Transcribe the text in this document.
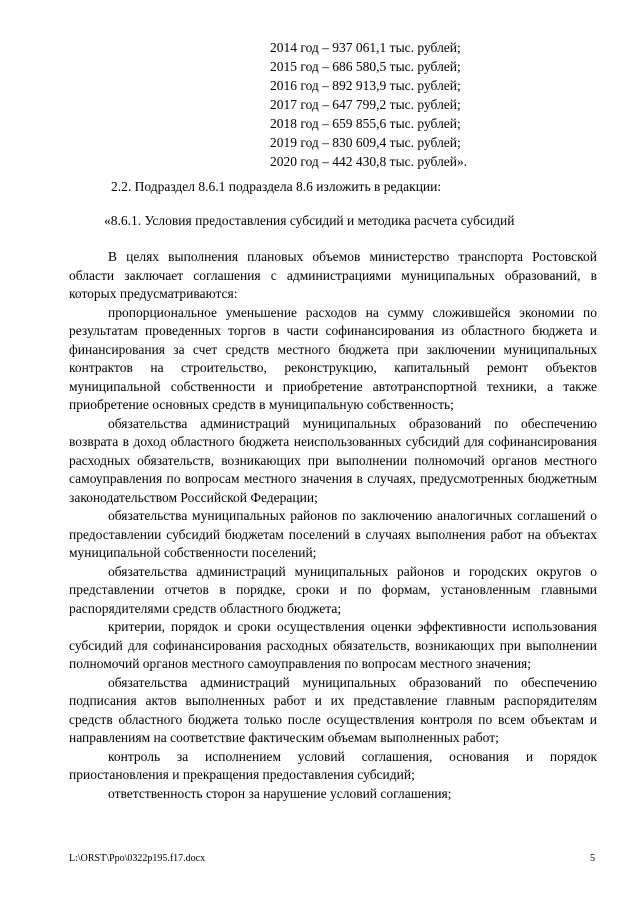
2014 год – 937 061,1 тыс. рублей;
2015 год – 686 580,5 тыс. рублей;
2016 год – 892 913,9 тыс. рублей;
2017 год – 647 799,2 тыс. рублей;
2018 год – 659 855,6 тыс. рублей;
2019 год – 830 609,4 тыс. рублей;
2020 год – 442 430,8 тыс. рублей».
2.2. Подраздел 8.6.1 подраздела 8.6 изложить в редакции:
«8.6.1. Условия предоставления субсидий и методика расчета субсидий

В целях выполнения плановых объемов министерство транспорта Ростовской области заключает соглашения с администрациями муниципальных образований, в которых предусматриваются:

пропорциональное уменьшение расходов на сумму сложившейся экономии по результатам проведенных торгов в части софинансирования из областного бюджета и финансирования за счет средств местного бюджета при заключении муниципальных контрактов на строительство, реконструкцию, капитальный ремонт объектов муниципальной собственности и приобретение автотранспортной техники, а также приобретение основных средств в муниципальную собственность;

обязательства администраций муниципальных образований по обеспечению возврата в доход областного бюджета неиспользованных субсидий для софинансирования расходных обязательств, возникающих при выполнении полномочий органов местного самоуправления по вопросам местного значения в случаях, предусмотренных бюджетным законодательством Российской Федерации;

обязательства муниципальных районов по заключению аналогичных соглашений о предоставлении субсидий бюджетам поселений в случаях выполнения работ на объектах муниципальной собственности поселений;

обязательства администраций муниципальных районов и городских округов о представлении отчетов в порядке, сроки и по формам, установленным главными распорядителями средств областного бюджета;

критерии, порядок и сроки осуществления оценки эффективности использования субсидий для софинансирования расходных обязательств, возникающих при выполнении полномочий органов местного самоуправления по вопросам местного значения;

обязательства администраций муниципальных образований по обеспечению подписания актов выполненных работ и их представление главным распорядителям средств областного бюджета только после осуществления контроля по всем объектам и направлениям на соответствие фактическим объемам выполненных работ;

контроль за исполнением условий соглашения, основания и порядок приостановления и прекращения предоставления субсидий;

ответственность сторон за нарушение условий соглашения;

L:\ORST\Ppo\0322p195.f17.docx	5
